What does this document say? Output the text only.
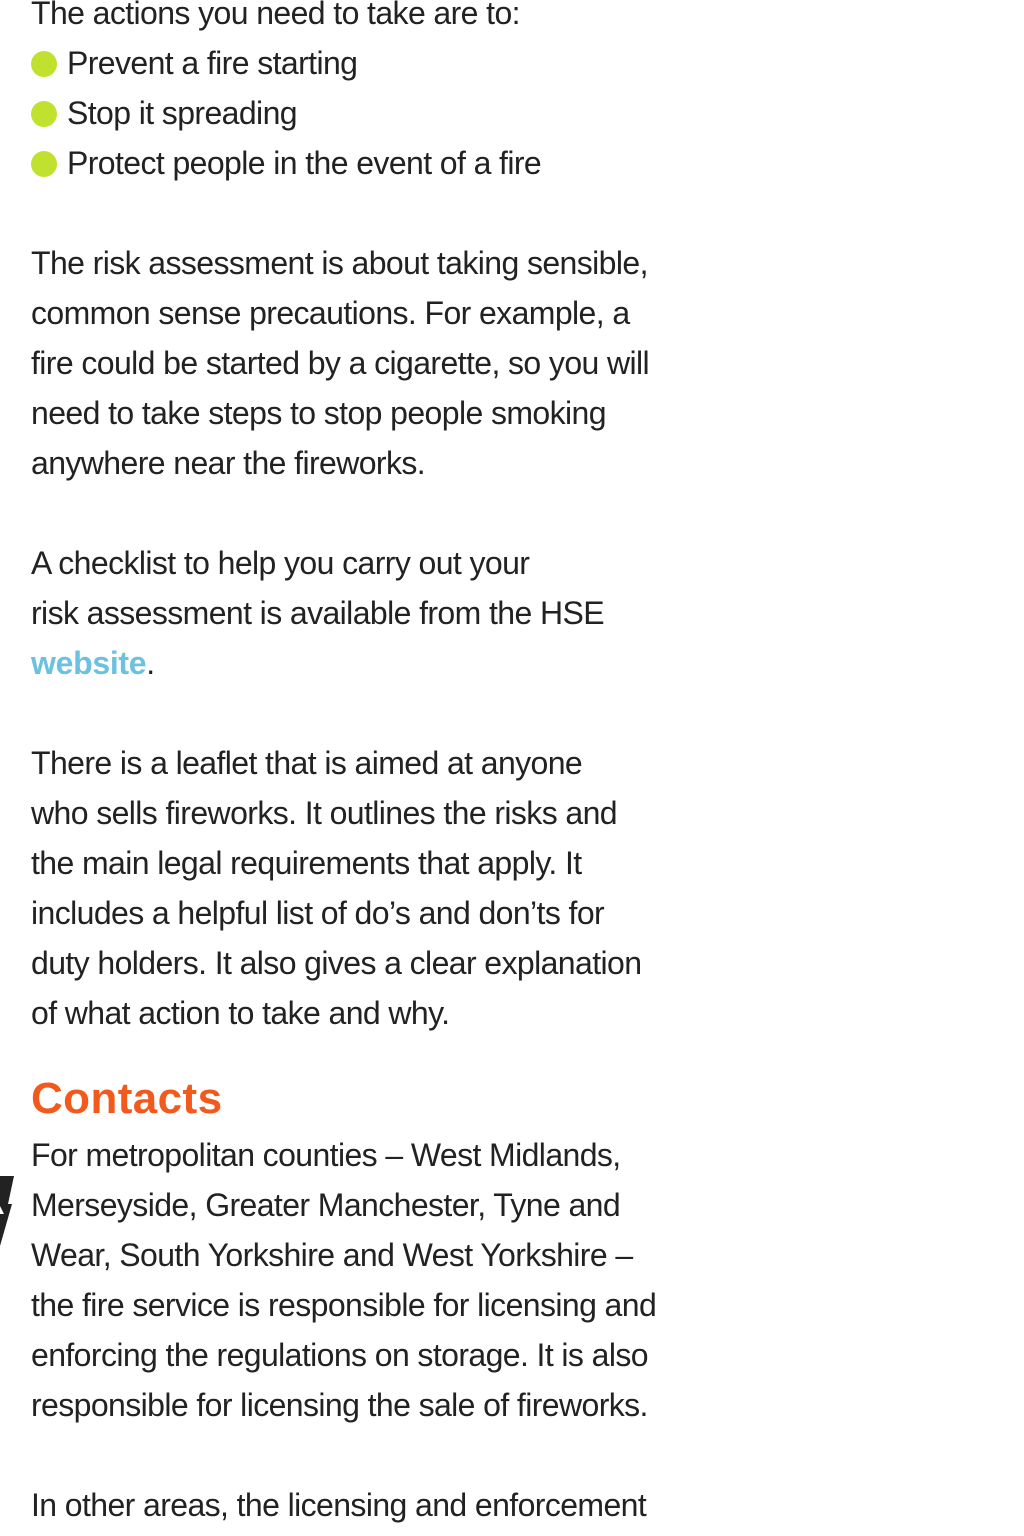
The actions you need to take are to:

Prevent a fire starting
Stop it spreading
Protect people in the event of a fire

The risk assessment is about taking sensible,

common sense precautions. For example, a

fire could be started by a cigarette, so you will

need to take steps to stop people smoking

anywhere near the fireworks.

A checklist to help you carry out your

risk assessment is available from the HSE

website.

There is a leaflet that is aimed at anyone

who sells fireworks. It outlines the risks and

the main legal requirements that apply. It

includes a helpful list of do’s and don’ts for

duty holders. It also gives a clear explanation

of what action to take and why.

Contacts

For metropolitan counties – West Midlands,

Merseyside, Greater Manchester, Tyne and

Wear, South Yorkshire and West Yorkshire –

the fire service is responsible for licensing and

enforcing the regulations on storage. It is also

responsible for licensing the sale of fireworks.

In other areas, the licensing and enforcement
